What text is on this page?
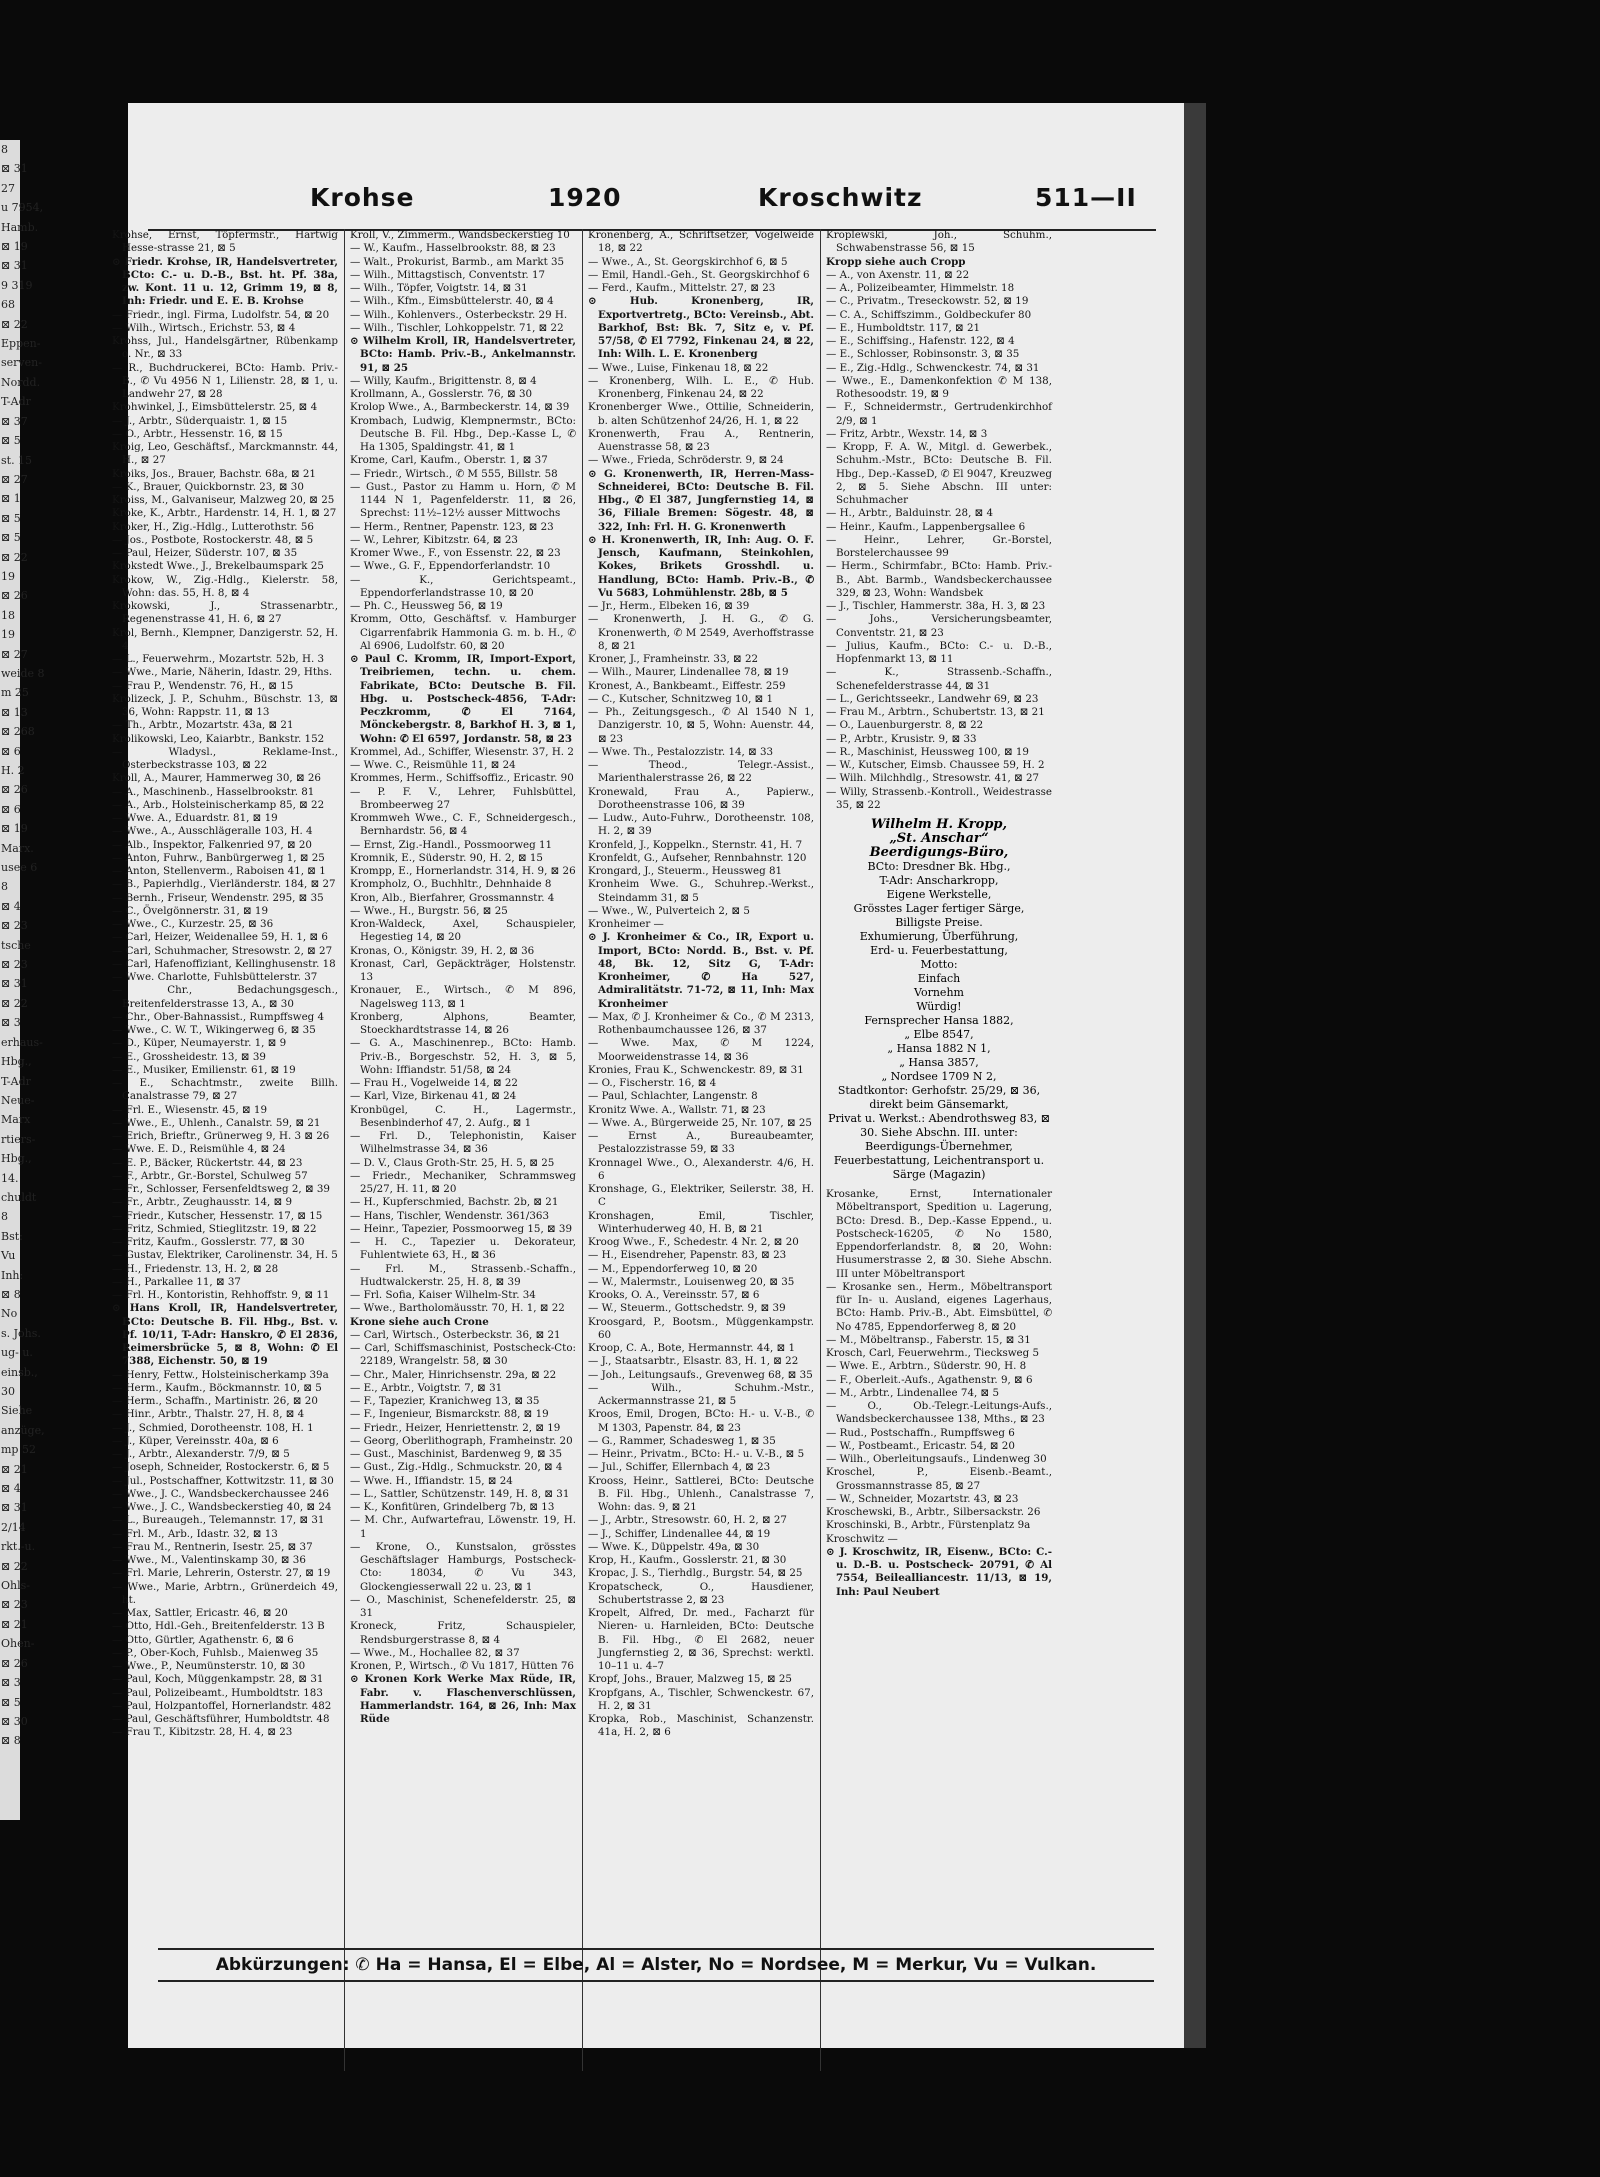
8
⊠ 31
27
u 7954,
Hamb.
⊠ 19
⊠ 31
9 319
68
⊠ 22
Eppen-
serven-
Nordd.
T-Adr
⊠ 37
⊠ 5
st. 15
⊠ 27
⊠ 1
⊠ 5
⊠ 5
⊠ 22
19
⊠ 26
18
19
⊠ 27
weide 8
m 25
⊠ 13
⊠ 268
⊠ 6
H. 2
⊠ 26
⊠ 6
⊠ 19
Marx.
usee 6
8
⊠ 4
⊠ 23
tsche
⊠ 23
⊠ 31
⊠ 22
⊠ 3
erhaus-
Hbg.,
T-Adr
Neue-
Marx
rtiers-
Hbg.,
14.
chuldt
8
Bst:
Vu
Inh:
⊠ 8
No
s. Johs.
ug- u.
einsb.,
30
Siehe
anzüge,
mp 52
⊠ 21
⊠ 4
⊠ 31
2/14
rkt.-u.
⊠ 22
Ohls-
⊠ 23
⊠ 21
Ohen-
⊠ 26
⊠ 3
⊠ 5
⊠ 30
⊠ 8
Krohse	1920	Kroschwitz	511—II

Krohse, Ernst, Töpfermstr., Hartwig Hesse-strasse 21, ⊠ 5

⊙ Friedr. Krohse, IR, Handelsvertreter, BCto: C.- u. D.-B., Bst. ht. Pf. 38a, zw. Kont. 11 u. 12, Grimm 19, ⊠ 8, Inh: Friedr. und E. E. B. Krohse

— Friedr., ingl. Firma, Ludolfstr. 54, ⊠ 20

— Wilh., Wirtsch., Erichstr. 53, ⊠ 4

Krohss, Jul., Handelsgärtner, Rübenkamp o. Nr., ⊠ 33

— R., Buchdruckerei, BCto: Hamb. Priv.-B., ✆ Vu 4956 N 1, Lilienstr. 28, ⊠ 1, u. Landwehr 27, ⊠ 28

Krohwinkel, J., Eimsbüttelerstr. 25, ⊠ 4

— J., Arbtr., Süderquaistr. 1, ⊠ 15

— O., Arbtr., Hessenstr. 16, ⊠ 15

Kroig, Leo, Geschäftsf., Marckmannstr. 44, H., ⊠ 27

Kroiks, Jos., Brauer, Bachstr. 68a, ⊠ 21

— K., Brauer, Quickbornstr. 23, ⊠ 30

Kroiss, M., Galvaniseur, Malzweg 20, ⊠ 25

Kroke, K., Arbtr., Hardenstr. 14, H. 1, ⊠ 27

Kroker, H., Zig.-Hdlg., Lutterothstr. 56

— Jos., Postbote, Rostockerstr. 48, ⊠ 5

— Paul, Heizer, Süderstr. 107, ⊠ 35

Krokstedt Wwe., J., Brekelbaumspark 25

Krokow, W., Zig.-Hdlg., Kielerstr. 58, Wohn: das. 55, H. 8, ⊠ 4

Krokowski, J., Strassenarbtr., Regenenstrasse 41, H. 6, ⊠ 27

Krol, Bernh., Klempner, Danzigerstr. 52, H. 4

— L., Feuerwehrm., Mozartstr. 52b, H. 3

— Wwe., Marie, Näherin, Idastr. 29, Hths.

— Frau P., Wendenstr. 76, H., ⊠ 15

Krolizeck, J. P., Schuhm., Büschstr. 13, ⊠ 36, Wohn: Rappstr. 11, ⊠ 13

— Th., Arbtr., Mozartstr. 43a, ⊠ 21

Krolikowski, Leo, Kaiarbtr., Bankstr. 152

— Wladysl., Reklame-Inst., Osterbeckstrasse 103, ⊠ 22

Kroll, A., Maurer, Hammerweg 30, ⊠ 26

— A., Maschinenb., Hasselbrookstr. 81

— A., Arb., Holsteinischerkamp 85, ⊠ 22

— Wwe. A., Eduardstr. 81, ⊠ 19

— Wwe., A., Ausschlägeralle 103, H. 4

— Alb., Inspektor, Falkenried 97, ⊠ 20

— Anton, Fuhrw., Banbürgerweg 1, ⊠ 25

— Anton, Stellenverm., Raboisen 41, ⊠ 1

— B., Papierhdlg., Vierländerstr. 184, ⊠ 27

— Bernh., Friseur, Wendenstr. 295, ⊠ 35

— C., Övelgönnerstr. 31, ⊠ 19

— Wwe., C., Kurzestr. 25, ⊠ 36

— Carl, Heizer, Weidenallee 59, H. 1, ⊠ 6

— Carl, Schuhmacher, Stresowstr. 2, ⊠ 27

— Carl, Hafenoffiziant, Kellinghusenstr. 18

— Wwe. Charlotte, Fuhlsbüttelerstr. 37

— Chr., Bedachungsgesch., Breitenfelderstrasse 13, A., ⊠ 30

— Chr., Ober-Bahnassist., Rumpffsweg 4

— Wwe., C. W. T., Wikingerweg 6, ⊠ 35

— D., Küper, Neumayerstr. 1, ⊠ 9

— E., Grossheidestr. 13, ⊠ 39

— E., Musiker, Emilienstr. 61, ⊠ 19

— E., Schachtmstr., zweite Billh. Canalstrasse 79, ⊠ 27

— Frl. E., Wiesenstr. 45, ⊠ 19

— Wwe., E., Uhlenh., Canalstr. 59, ⊠ 21

— Erich, Brieftr., Grünerweg 9, H. 3 ⊠ 26

— Wwe. E. D., Reismühle 4, ⊠ 24

— E. P., Bäcker, Rückertstr. 44, ⊠ 23

— F., Arbtr., Gr.-Borstel, Schulweg 57

— Fr., Schlosser, Fersenfeldtsweg 2, ⊠ 39

— Fr., Arbtr., Zeughausstr. 14, ⊠ 9

— Friedr., Kutscher, Hessenstr. 17, ⊠ 15

— Fritz, Schmied, Stieglitzstr. 19, ⊠ 22

— Fritz, Kaufm., Gosslerstr. 77, ⊠ 30

— Gustav, Elektriker, Carolinenstr. 34, H. 5

— H., Friedenstr. 13, H. 2, ⊠ 28

— H., Parkallee 11, ⊠ 37

— Frl. H., Kontoristin, Rehhoffstr. 9, ⊠ 11

⊙ Hans Kroll, IR, Handelsvertreter, BCto: Deutsche B. Fil. Hbg., Bst. v. Pf. 10/11, T-Adr: Hanskro, ✆ El 2836, Reimersbrücke 5, ⊠ 8, Wohn: ✆ El 7388, Eichenstr. 50, ⊠ 19

— Henry, Fettw., Holsteinischerkamp 39a

— Herm., Kaufm., Böckmannstr. 10, ⊠ 5

— Herm., Schaffn., Martinistr. 26, ⊠ 20

— Hinr., Arbtr., Thalstr. 27, H. 8, ⊠ 4

— J., Schmied, Dorotheenstr. 108, H. 1

— J., Küper, Vereinsstr. 40a, ⊠ 6

— J., Arbtr., Alexanderstr. 7/9, ⊠ 5

— Joseph, Schneider, Rostockerstr. 6, ⊠ 5

— Jul., Postschaffner, Kottwitzstr. 11, ⊠ 30

— Wwe., J. C., Wandsbeckerchaussee 246

— Wwe., J. C., Wandsbeckerstieg 40, ⊠ 24

— L., Bureaugeh., Telemannstr. 17, ⊠ 31

— Frl. M., Arb., Idastr. 32, ⊠ 13

— Frau M., Rentnerin, Isestr. 25, ⊠ 37

— Wwe., M., Valentinskamp 30, ⊠ 36

— Frl. Marie, Lehrerin, Osterstr. 27, ⊠ 19

— Wwe., Marie, Arbtrn., Grünerdeich 49, ht.

— Max, Sattler, Ericastr. 46, ⊠ 20

— Otto, Hdl.-Geh., Breitenfelderstr. 13 B

— Otto, Gürtler, Agathenstr. 6, ⊠ 6

— P., Ober-Koch, Fuhlsb., Maienweg 35

— Wwe., P., Neumünsterstr. 10, ⊠ 30

— Paul, Koch, Müggenkampstr. 28, ⊠ 31

— Paul, Polizeibeamt., Humboldtstr. 183

— Paul, Holzpantoffel, Hornerlandstr. 482

— Paul, Geschäftsführer, Humboldtstr. 48

— Frau T., Kibitzstr. 28, H. 4, ⊠ 23

Kroll, V., Zimmerm., Wandsbeckerstieg 10

— W., Kaufm., Hasselbrookstr. 88, ⊠ 23

— Walt., Prokurist, Barmb., am Markt 35

— Wilh., Mittagstisch, Conventstr. 17

— Wilh., Töpfer, Voigtstr. 14, ⊠ 31

— Wilh., Kfm., Eimsbüttelerstr. 40, ⊠ 4

— Wilh., Kohlenvers., Osterbeckstr. 29 H.

— Wilh., Tischler, Lohkoppelstr. 71, ⊠ 22

⊙ Wilhelm Kroll, IR, Handelsvertreter, BCto: Hamb. Priv.-B., Ankelmannstr. 91, ⊠ 25

— Willy, Kaufm., Brigittenstr. 8, ⊠ 4

Krollmann, A., Gosslerstr. 76, ⊠ 30

Krolop Wwe., A., Barmbeckerstr. 14, ⊠ 39

Krombach, Ludwig, Klempnermstr., BCto: Deutsche B. Fil. Hbg., Dep.-Kasse L, ✆ Ha 1305, Spaldingstr. 41, ⊠ 1

Krome, Carl, Kaufm., Oberstr. 1, ⊠ 37

— Friedr., Wirtsch., ✆ M 555, Billstr. 58

— Gust., Pastor zu Hamm u. Horn, ✆ M 1144 N 1, Pagenfelderstr. 11, ⊠ 26, Sprechst: 11½–12½ ausser Mittwochs

— Herm., Rentner, Papenstr. 123, ⊠ 23

— W., Lehrer, Kibitzstr. 64, ⊠ 23

Kromer Wwe., F., von Essenstr. 22, ⊠ 23

— Wwe., G. F., Eppendorferlandstr. 10

— K., Gerichtspeamt., Eppendorferlandstrasse 10, ⊠ 20

— Ph. C., Heussweg 56, ⊠ 19

Kromm, Otto, Geschäftsf. v. Hamburger Cigarrenfabrik Hammonia G. m. b. H., ✆ Al 6906, Ludolfstr. 60, ⊠ 20

⊙ Paul C. Kromm, IR, Import-Export, Treibriemen, techn. u. chem. Fabrikate, BCto: Deutsche B. Fil. Hbg. u. Postscheck-4856, T-Adr: Peczkromm, ✆ El 7164, Mönckebergstr. 8, Barkhof H. 3, ⊠ 1, Wohn: ✆ El 6597, Jordanstr. 58, ⊠ 23

Krommel, Ad., Schiffer, Wiesenstr. 37, H. 2

— Wwe. C., Reismühle 11, ⊠ 24

Krommes, Herm., Schiffsoffiz., Ericastr. 90

— P. F. V., Lehrer, Fuhlsbüttel, Brombeerweg 27

Krommweh Wwe., C. F., Schneidergesch., Bernhardstr. 56, ⊠ 4

— Ernst, Zig.-Handl., Possmoorweg 11

Kromnik, E., Süderstr. 90, H. 2, ⊠ 15

Krompp, E., Hornerlandstr. 314, H. 9, ⊠ 26

Krompholz, O., Buchhltr., Dehnhaide 8

Kron, Alb., Bierfahrer, Grossmannstr. 4

— Wwe., H., Burgstr. 56, ⊠ 25

Kron-Waldeck, Axel, Schauspieler, Hegestieg 14, ⊠ 20

Kronas, O., Königstr. 39, H. 2, ⊠ 36

Kronast, Carl, Gepäckträger, Holstenstr. 13

Kronauer, E., Wirtsch., ✆ M 896, Nagelsweg 113, ⊠ 1

Kronberg, Alphons, Beamter, Stoeckhardtstrasse 14, ⊠ 26

— G. A., Maschinenrep., BCto: Hamb. Priv.-B., Borgeschstr. 52, H. 3, ⊠ 5, Wohn: Iffiandstr. 51/58, ⊠ 24

— Frau H., Vogelweide 14, ⊠ 22

— Karl, Vize, Birkenau 41, ⊠ 24

Kronbügel, C. H., Lagermstr., Besenbinderhof 47, 2. Aufg., ⊠ 1

— Frl. D., Telephonistin, Kaiser Wilhelmstrasse 34, ⊠ 36

— D. V., Claus Groth-Str. 25, H. 5, ⊠ 25

— Friedr., Mechaniker, Schrammsweg 25/27, H. 11, ⊠ 20

— H., Kupferschmied, Bachstr. 2b, ⊠ 21

— Hans, Tischler, Wendenstr. 361/363

— Heinr., Tapezier, Possmoorweg 15, ⊠ 39

— H. C., Tapezier u. Dekorateur, Fuhlentwiete 63, H., ⊠ 36

— Frl. M., Strassenb.-Schaffn., Hudtwalckerstr. 25, H. 8, ⊠ 39

— Frl. Sofia, Kaiser Wilhelm-Str. 34

— Wwe., Bartholomäusstr. 70, H. 1, ⊠ 22

Krone siehe auch Crone

— Carl, Wirtsch., Osterbeckstr. 36, ⊠ 21

— Carl, Schiffsmaschinist, Postscheck-Cto: 22189, Wrangelstr. 58, ⊠ 30

— Chr., Maler, Hinrichsenstr. 29a, ⊠ 22

— E., Arbtr., Voigtstr. 7, ⊠ 31

— F., Tapezier, Kranichweg 13, ⊠ 35

— F., Ingenieur, Bismarckstr. 88, ⊠ 19

— Friedr., Heizer, Henriettenstr. 2, ⊠ 19

— Georg, Oberlithograph, Framheinstr. 20

— Gust., Maschinist, Bardenweg 9, ⊠ 35

— Gust., Zig.-Hdlg., Schmuckstr. 20, ⊠ 4

— Wwe. H., Iffiandstr. 15, ⊠ 24

— L., Sattler, Schützenstr. 149, H. 8, ⊠ 31

— K., Konfitüren, Grindelberg 7b, ⊠ 13

— M. Chr., Aufwartefrau, Löwenstr. 19, H. 1

— Krone, O., Kunstsalon, grösstes Geschäftslager Hamburgs, Postscheck-Cto: 18034, ✆ Vu 343, Glockengiesserwall 22 u. 23, ⊠ 1

— O., Maschinist, Schenefelderstr. 25, ⊠ 31

Kroneck, Fritz, Schauspieler, Rendsburgerstrasse 8, ⊠ 4

— Wwe., M., Hochallee 82, ⊠ 37

Kronen, P., Wirtsch., ✆ Vu 1817, Hütten 76

⊙ Kronen Kork Werke Max Rüde, IR, Fabr. v. Flaschenverschlüssen, Hammerlandstr. 164, ⊠ 26, Inh: Max Rüde

Kronenberg, A., Schriftsetzer, Vogelweide 18, ⊠ 22

— Wwe., A., St. Georgskirchhof 6, ⊠ 5

— Emil, Handl.-Geh., St. Georgskirchhof 6

— Ferd., Kaufm., Mittelstr. 27, ⊠ 23

⊙ Hub. Kronenberg, IR, Exportvertretg., BCto: Vereinsb., Abt. Barkhof, Bst: Bk. 7, Sitz e, v. Pf. 57/58, ✆ El 7792, Finkenau 24, ⊠ 22, Inh: Wilh. L. E. Kronenberg

— Wwe., Luise, Finkenau 18, ⊠ 22

— Kronenberg, Wilh. L. E., ✆ Hub. Kronenberg, Finkenau 24, ⊠ 22

Kronenberger Wwe., Ottilie, Schneiderin, b. alten Schützenhof 24/26, H. 1, ⊠ 22

Kronenwerth, Frau A., Rentnerin, Auenstrasse 58, ⊠ 23

— Wwe., Frieda, Schröderstr. 9, ⊠ 24

⊙ G. Kronenwerth, IR, Herren-Mass-Schneiderei, BCto: Deutsche B. Fil. Hbg., ✆ El 387, Jungfernstieg 14, ⊠ 36, Filiale Bremen: Sögestr. 48, ⊠ 322, Inh: Frl. H. G. Kronenwerth

⊙ H. Kronenwerth, IR, Inh: Aug. O. F. Jensch, Kaufmann, Steinkohlen, Kokes, Brikets Grosshdl. u. Handlung, BCto: Hamb. Priv.-B., ✆ Vu 5683, Lohmühlenstr. 28b, ⊠ 5

— Jr., Herm., Elbeken 16, ⊠ 39

— Kronenwerth, J. H. G., ✆ G. Kronenwerth, ✆ M 2549, Averhoffstrasse 8, ⊠ 21

Kroner, J., Framheinstr. 33, ⊠ 22

— Wilh., Maurer, Lindenallee 78, ⊠ 19

Kronest, A., Bankbeamt., Eiffestr. 259

— C., Kutscher, Schnitzweg 10, ⊠ 1

— Ph., Zeitungsgesch., ✆ Al 1540 N 1, Danzigerstr. 10, ⊠ 5, Wohn: Auenstr. 44, ⊠ 23

— Wwe. Th., Pestalozzistr. 14, ⊠ 33

— Theod., Telegr.-Assist., Marienthalerstrasse 26, ⊠ 22

Kronewald, Frau A., Papierw., Dorotheenstrasse 106, ⊠ 39

— Ludw., Auto-Fuhrw., Dorotheenstr. 108, H. 2, ⊠ 39

Kronfeld, J., Koppelkn., Sternstr. 41, H. 7

Kronfeldt, G., Aufseher, Rennbahnstr. 120

Krongard, J., Steuerm., Heussweg 81

Kronheim Wwe. G., Schuhrep.-Werkst., Steindamm 31, ⊠ 5

— Wwe., W., Pulverteich 2, ⊠ 5

Kronheimer —

⊙ J. Kronheimer & Co., IR, Export u. Import, BCto: Nordd. B., Bst. v. Pf. 48, Bk. 12, Sitz G, T-Adr: Kronheimer, ✆ Ha 527, Admiralitätstr. 71-72, ⊠ 11, Inh: Max Kronheimer

— Max, ✆ J. Kronheimer & Co., ✆ M 2313, Rothenbaumchaussee 126, ⊠ 37

— Wwe. Max, ✆ M 1224, Moorweidenstrasse 14, ⊠ 36

Kronies, Frau K., Schwenckestr. 89, ⊠ 31

— O., Fischerstr. 16, ⊠ 4

— Paul, Schlachter, Langenstr. 8

Kronitz Wwe. A., Wallstr. 71, ⊠ 23

— Wwe. A., Bürgerweide 25, Nr. 107, ⊠ 25

— Ernst A., Bureaubeamter, Pestalozzistrasse 59, ⊠ 33

Kronnagel Wwe., O., Alexanderstr. 4/6, H. 6

Kronshage, G., Elektriker, Seilerstr. 38, H. C

Kronshagen, Emil, Tischler, Winterhuderweg 40, H. B, ⊠ 21

Kroog Wwe., F., Schedestr. 4 Nr. 2, ⊠ 20

— H., Eisendreher, Papenstr. 83, ⊠ 23

— M., Eppendorferweg 10, ⊠ 20

— W., Malermstr., Louisenweg 20, ⊠ 35

Krooks, O. A., Vereinsstr. 57, ⊠ 6

— W., Steuerm., Gottschedstr. 9, ⊠ 39

Kroosgard, P., Bootsm., Müggenkampstr. 60

Kroop, C. A., Bote, Hermannstr. 44, ⊠ 1

— J., Staatsarbtr., Elsastr. 83, H. 1, ⊠ 22

— Joh., Leitungsaufs., Grevenweg 68, ⊠ 35

— Wilh., Schuhm.-Mstr., Ackermannstrasse 21, ⊠ 5

Kroos, Emil, Drogen, BCto: H.- u. V.-B., ✆ M 1303, Papenstr. 84, ⊠ 23

— G., Rammer, Schadesweg 1, ⊠ 35

— Heinr., Privatm., BCto: H.- u. V.-B., ⊠ 5

— Jul., Schiffer, Ellernbach 4, ⊠ 23

Krooss, Heinr., Sattlerei, BCto: Deutsche B. Fil. Hbg., Uhlenh., Canalstrasse 7, Wohn: das. 9, ⊠ 21

— J., Arbtr., Stresowstr. 60, H. 2, ⊠ 27

— J., Schiffer, Lindenallee 44, ⊠ 19

— Wwe. K., Düppelstr. 49a, ⊠ 30

Krop, H., Kaufm., Gosslerstr. 21, ⊠ 30

Kropac, J. S., Tierhdlg., Burgstr. 54, ⊠ 25

Kropatscheck, O., Hausdiener, Schubertstrasse 2, ⊠ 23

Kropelt, Alfred, Dr. med., Facharzt für Nieren- u. Harnleiden, BCto: Deutsche B. Fil. Hbg., ✆ El 2682, neuer Jungfernstieg 2, ⊠ 36, Sprechst: werktl. 10–11 u. 4–7

Kropf, Johs., Brauer, Malzweg 15, ⊠ 25

Kropfgans, A., Tischler, Schwenckestr. 67, H. 2, ⊠ 31

Kropka, Rob., Maschinist, Schanzenstr. 41a, H. 2, ⊠ 6

Kroplewski, Joh., Schuhm., Schwabenstrasse 56, ⊠ 15

Kropp siehe auch Cropp

— A., von Axenstr. 11, ⊠ 22

— A., Polizeibeamter, Himmelstr. 18

— C., Privatm., Treseckowstr. 52, ⊠ 19

— C. A., Schiffszimm., Goldbeckufer 80

— E., Humboldtstr. 117, ⊠ 21

— E., Schiffsing., Hafenstr. 122, ⊠ 4

— E., Schlosser, Robinsonstr. 3, ⊠ 35

— E., Zig.-Hdlg., Schwenckestr. 74, ⊠ 31

— Wwe., E., Damenkonfektion ✆ M 138, Rothesoodstr. 19, ⊠ 9

— F., Schneidermstr., Gertrudenkirchhof 2/9, ⊠ 1

— Fritz, Arbtr., Wexstr. 14, ⊠ 3

— Kropp, F. A. W., Mitgl. d. Gewerbek., Schuhm.-Mstr., BCto: Deutsche B. Fil. Hbg., Dep.-KasseD, ✆ El 9047, Kreuzweg 2, ⊠ 5. Siehe Abschn. III unter: Schuhmacher

— H., Arbtr., Balduinstr. 28, ⊠ 4

— Heinr., Kaufm., Lappenbergsallee 6

— Heinr., Lehrer, Gr.-Borstel, Borstelerchaussee 99

— Herm., Schirmfabr., BCto: Hamb. Priv.-B., Abt. Barmb., Wandsbeckerchaussee 329, ⊠ 23, Wohn: Wandsbek

— J., Tischler, Hammerstr. 38a, H. 3, ⊠ 23

— Johs., Versicherungsbeamter, Conventstr. 21, ⊠ 23

— Julius, Kaufm., BCto: C.- u. D.-B., Hopfenmarkt 13, ⊠ 11

— K., Strassenb.-Schaffn., Schenefelderstrasse 44, ⊠ 31

— L., Gerichtsseekr., Landwehr 69, ⊠ 23

— Frau M., Arbtrn., Schubertstr. 13, ⊠ 21

— O., Lauenburgerstr. 8, ⊠ 22

— P., Arbtr., Krusistr. 9, ⊠ 33

— R., Maschinist, Heussweg 100, ⊠ 19

— W., Kutscher, Eimsb. Chaussee 59, H. 2

— Wilh. Milchhdlg., Stresowstr. 41, ⊠ 27

— Willy, Strassenb.-Kontroll., Weidestrasse 35, ⊠ 22

Wilhelm H. Kropp,
„St. Anschar“
Beerdigungs-Büro,
BCto: Dresdner Bk. Hbg.,
T-Adr: Anscharkropp,
Eigene Werkstelle,
Grösstes Lager fertiger Särge,
Billigste Preise.
Exhumierung, Überführung,
Erd- u. Feuerbestattung,
Motto:
Einfach
Vornehm
Würdig!
Fernsprecher Hansa 1882,
„ Elbe 8547,
„ Hansa 1882 N 1,
„ Hansa 3857,
„ Nordsee 1709 N 2,
Stadtkontor: Gerhofstr. 25/29, ⊠ 36, direkt beim Gänsemarkt,
Privat u. Werkst.: Abendrothsweg 83, ⊠ 30. Siehe Abschn. III. unter: Beerdigungs-Übernehmer, Feuerbestattung, Leichentransport u. Särge (Magazin)

Krosanke, Ernst, Internationaler Möbeltransport, Spedition u. Lagerung, BCto: Dresd. B., Dep.-Kasse Eppend., u. Postscheck-16205, ✆ No 1580, Eppendorferlandstr. 8, ⊠ 20, Wohn: Husumerstrasse 2, ⊠ 30. Siehe Abschn. III unter Möbeltransport

— Krosanke sen., Herm., Möbeltransport für In- u. Ausland, eigenes Lagerhaus, BCto: Hamb. Priv.-B., Abt. Eimsbüttel, ✆ No 4785, Eppendorferweg 8, ⊠ 20

— M., Möbeltransp., Faberstr. 15, ⊠ 31

Krosch, Carl, Feuerwehrm., Tiecksweg 5

— Wwe. E., Arbtrn., Süderstr. 90, H. 8

— F., Oberleit.-Aufs., Agathenstr. 9, ⊠ 6

— M., Arbtr., Lindenallee 74, ⊠ 5

— O., Ob.-Telegr.-Leitungs-Aufs., Wandsbeckerchaussee 138, Mths., ⊠ 23

— Rud., Postschaffn., Rumpffsweg 6

— W., Postbeamt., Ericastr. 54, ⊠ 20

— Wilh., Oberleitungsaufs., Lindenweg 30

Kroschel, P., Eisenb.-Beamt., Grossmannstrasse 85, ⊠ 27

— W., Schneider, Mozartstr. 43, ⊠ 23

Kroschewski, B., Arbtr., Silbersackstr. 26

Kroschinski, B., Arbtr., Fürstenplatz 9a

Kroschwitz —

⊙ J. Kroschwitz, IR, Eisenw., BCto: C.- u. D.-B. u. Postscheck- 20791, ✆ Al 7554, Beilealliancestr. 11/13, ⊠ 19, Inh: Paul Neubert

Abkürzungen: ✆ Ha = Hansa, El = Elbe, Al = Alster, No = Nordsee, M = Merkur, Vu = Vulkan.
